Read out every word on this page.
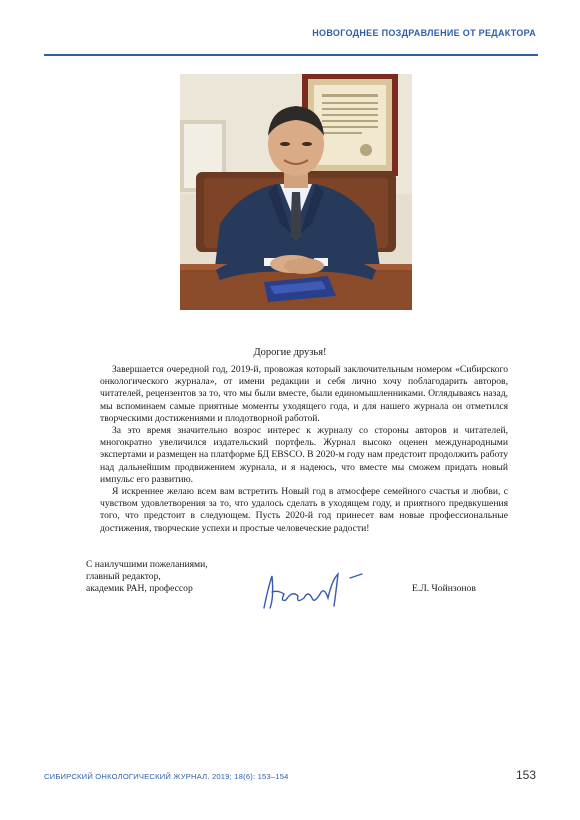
НОВОГОДНЕЕ ПОЗДРАВЛЕНИЕ ОТ РЕДАКТОРА
Дорогие друзья!

Завершается очередной год, 2019-й, провожая который заключительным номером «Сибирского онкологического журнала», от имени редакции и себя лично хочу поблагодарить авторов, читателей, рецензентов за то, что мы были вместе, были единомышленниками. Оглядываясь назад, мы вспоминаем самые приятные моменты уходящего года, и для нашего журнала он отметился творческими достижениями и плодотворной работой.

За это время значительно возрос интерес к журналу со стороны авторов и читателей, многократно увеличился издательский портфель. Журнал высоко оценен международными экспертами и размещен на платформе БД EBSCO. В 2020-м году нам предстоит продолжить работу над дальнейшим продвижением журнала, и я надеюсь, что вместе мы сможем придать новый импульс его развитию.

Я искреннее желаю всем вам встретить Новый год в атмосфере семейного счастья и любви, с чувством удовлетворения за то, что удалось сделать в уходящем году, и приятного предвкушения того, что предстоит в следующем. Пусть 2020-й год принесет вам новые профессиональные достижения, творческие успехи и простые человеческие радости!

С наилучшими пожеланиями,
главный редактор,
академик РАН, профессор	Е.Л. Чойнзонов
СИБИРСКИЙ ОНКОЛОГИЧЕСКИЙ ЖУРНАЛ. 2019; 18(6): 153–154	153
